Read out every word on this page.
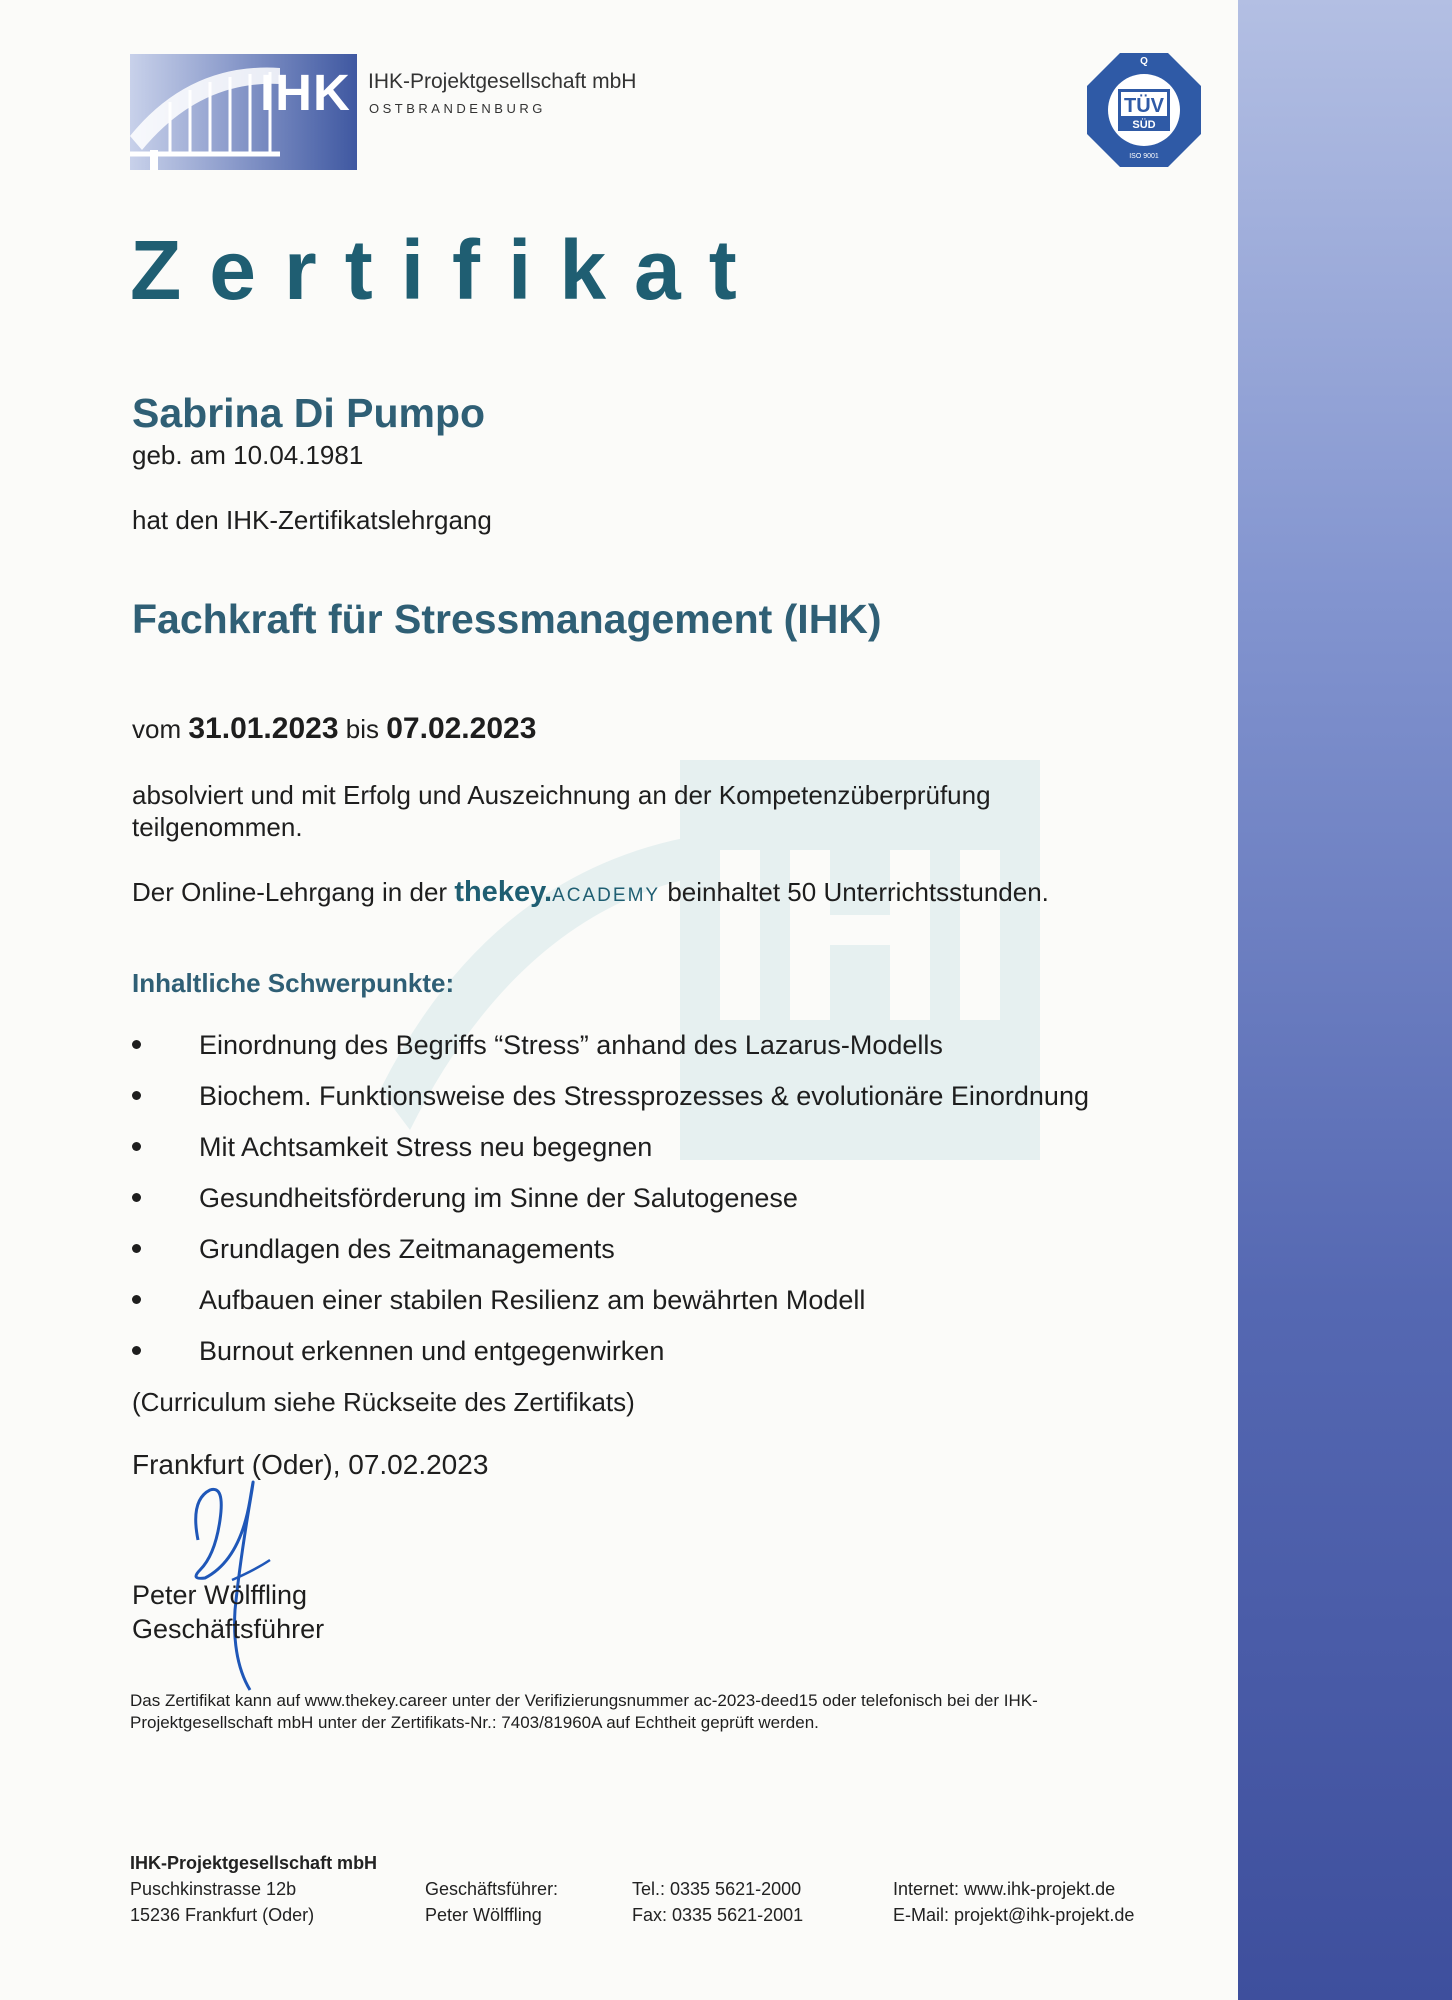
IHK IHK-Projektgesellschaft mbH
OSTBRANDENBURG
Q
TÜV
SÜD
ISO 9001
Zertifikat
Sabrina Di Pumpo
geb. am 10.04.1981
hat den IHK-Zertifikatslehrgang
Fachkraft für Stressmanagement (IHK)
vom 31.01.2023 bis 07.02.2023
absolviert und mit Erfolg und Auszeichnung an der Kompetenzüberprüfung
teilgenommen.
Der Online-Lehrgang in der thekey.ACADEMY beinhaltet 50 Unterrichtsstunden.
Inhaltliche Schwerpunkte:
Einordnung des Begriffs “Stress” anhand des Lazarus-Modells
Biochem. Funktionsweise des Stressprozesses & evolutionäre Einordnung
Mit Achtsamkeit Stress neu begegnen
Gesundheitsförderung im Sinne der Salutogenese
Grundlagen des Zeitmanagements
Aufbauen einer stabilen Resilienz am bewährten Modell
Burnout erkennen und entgegenwirken
(Curriculum siehe Rückseite des Zertifikats)
Frankfurt (Oder), 07.02.2023
Peter Wölffling
Geschäftsführer
Das Zertifikat kann auf www.thekey.career unter der Verifizierungsnummer ac-2023-deed15 oder telefonisch bei der IHK-
Projektgesellschaft mbH unter der Zertifikats-Nr.: 7403/81960A auf Echtheit geprüft werden.
IHK-Projektgesellschaft mbH
Puschkinstrasse 12b
15236 Frankfurt (Oder)
Geschäftsführer:
Peter Wölffling
Tel.: 0335 5621-2000
Fax: 0335 5621-2001
Internet: www.ihk-projekt.de
E-Mail: projekt@ihk-projekt.de
